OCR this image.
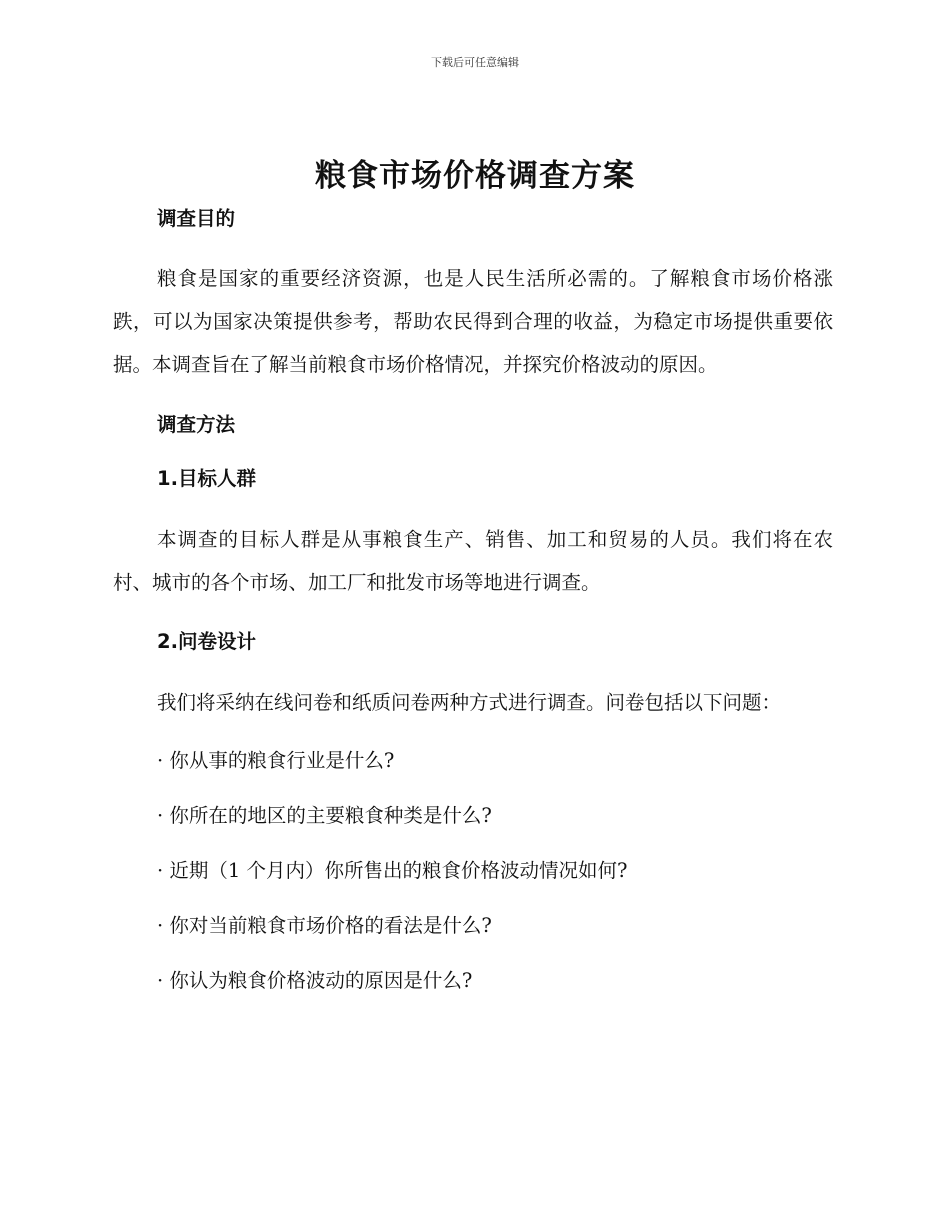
下载后可任意编辑
粮食市场价格调查方案
调查目的

粮食是国家的重要经济资源，也是人民生活所必需的。了解粮食市场价格涨跌，可以为国家决策提供参考，帮助农民得到合理的收益，为稳定市场提供重要依据。本调查旨在了解当前粮食市场价格情况，并探究价格波动的原因。

调查方法
1.目标人群

本调查的目标人群是从事粮食生产、销售、加工和贸易的人员。我们将在农村、城市的各个市场、加工厂和批发市场等地进行调查。

2.问卷设计

我们将采纳在线问卷和纸质问卷两种方式进行调查。问卷包括以下问题：

· 你从事的粮食行业是什么?
· 你所在的地区的主要粮食种类是什么?
· 近期（1 个月内）你所售出的粮食价格波动情况如何?
· 你对当前粮食市场价格的看法是什么?
· 你认为粮食价格波动的原因是什么?
